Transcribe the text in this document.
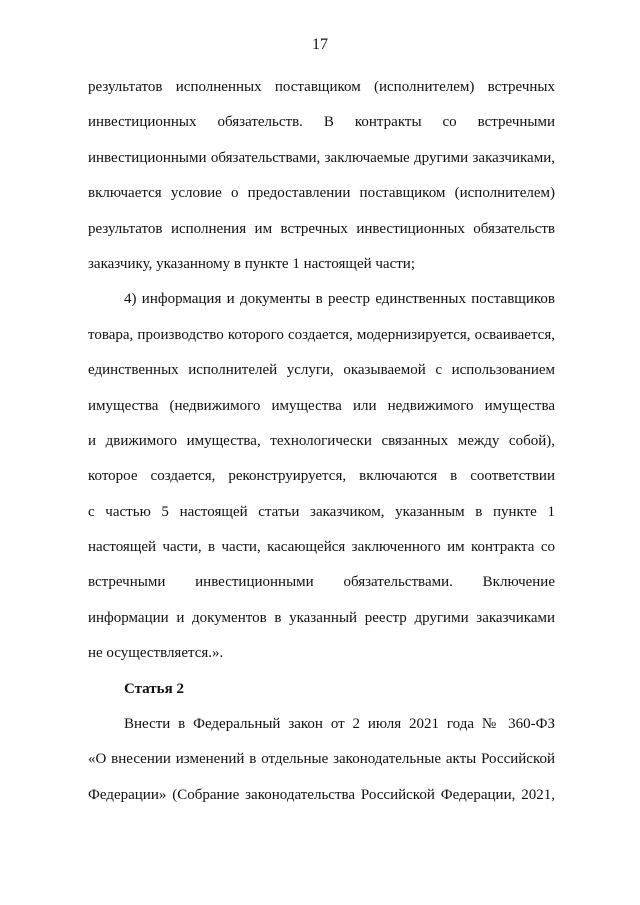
17
результатов исполненных поставщиком (исполнителем) встречных
инвестиционных обязательств. В контракты со встречными
инвестиционными обязательствами, заключаемые другими заказчиками,
включается условие о предоставлении поставщиком (исполнителем)
результатов исполнения им встречных инвестиционных обязательств
заказчику, указанному в пункте 1 настоящей части;
4) информация и документы в реестр единственных поставщиков
товара, производство которого создается, модернизируется, осваивается,
единственных исполнителей услуги, оказываемой с использованием
имущества (недвижимого имущества или недвижимого имущества
и движимого имущества, технологически связанных между собой),
которое создается, реконструируется, включаются в соответствии
с частью 5 настоящей статьи заказчиком, указанным в пункте 1
настоящей части, в части, касающейся заключенного им контракта со
встречными инвестиционными обязательствами. Включение
информации и документов в указанный реестр другими заказчиками
не осуществляется.».
Статья 2
Внести в Федеральный закон от 2 июля 2021 года № 360-ФЗ
«О внесении изменений в отдельные законодательные акты Российской
Федерации» (Собрание законодательства Российской Федерации, 2021,
